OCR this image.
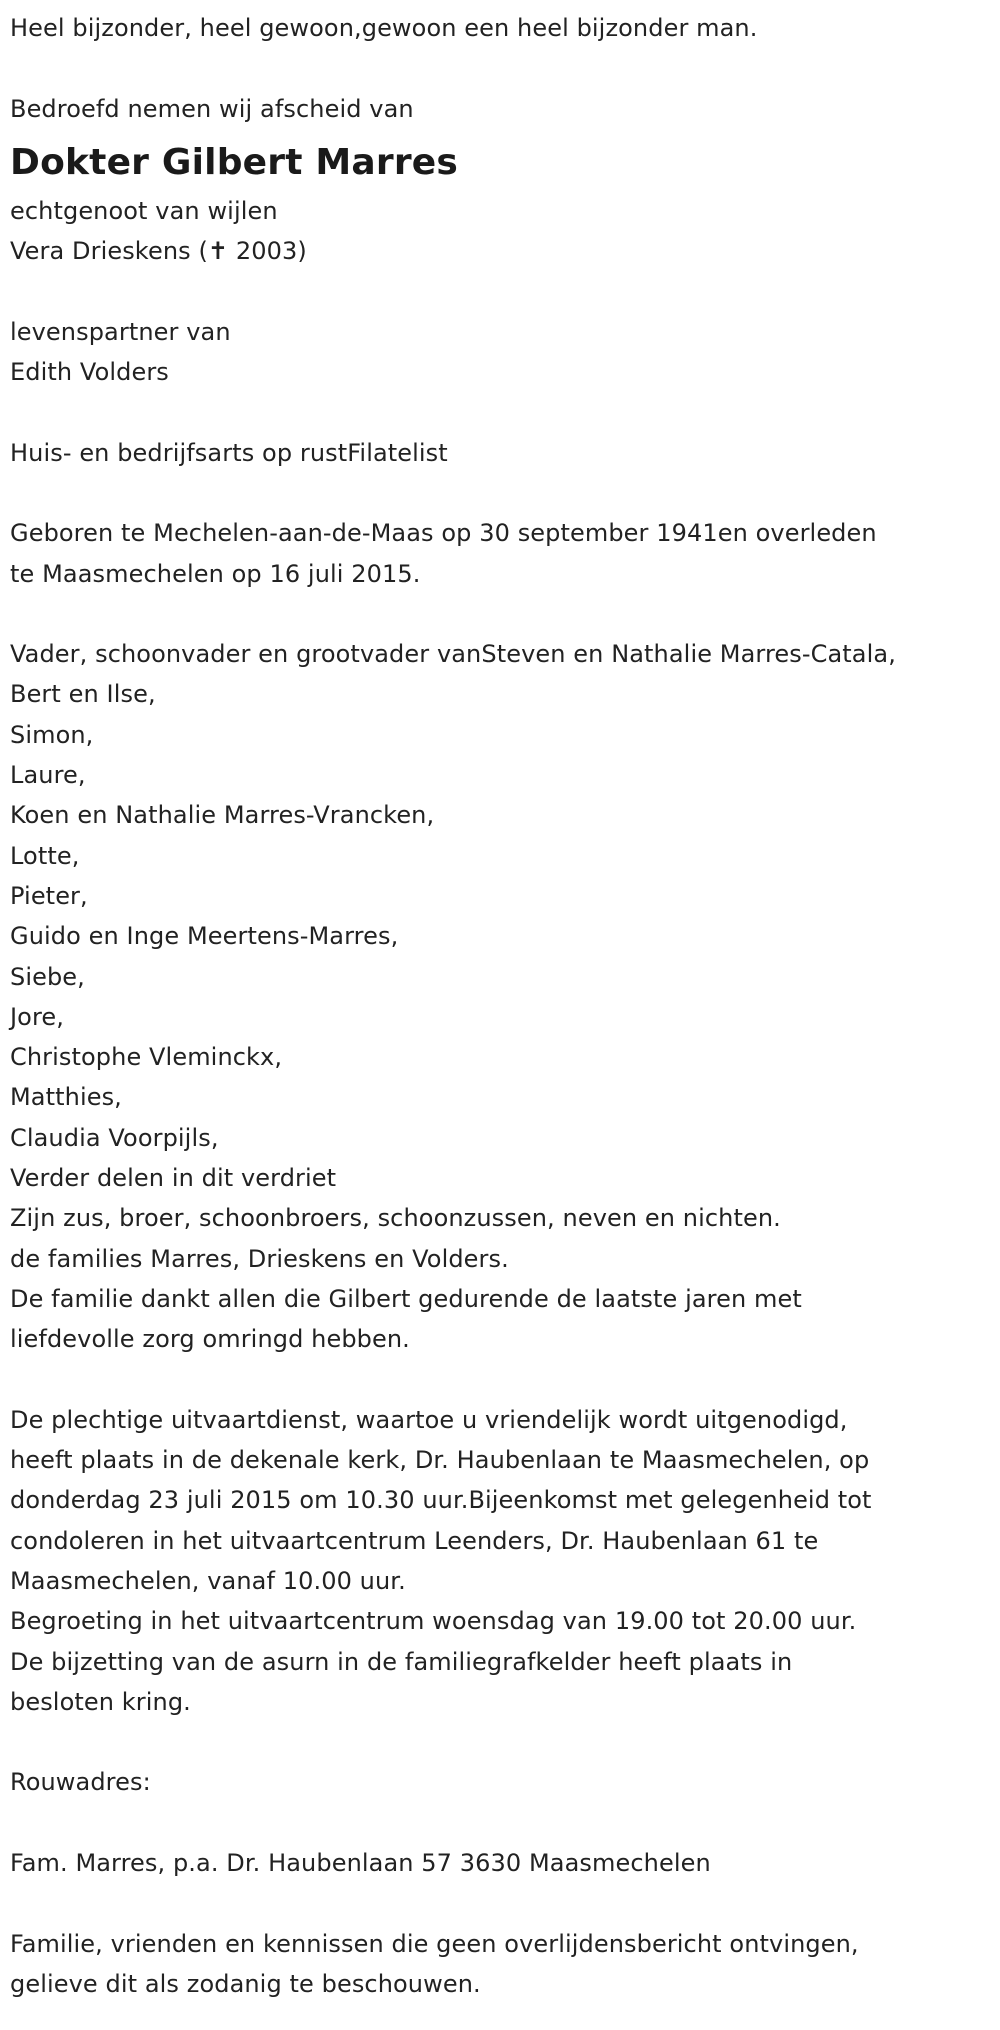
Heel bijzonder, heel gewoon,gewoon een heel bijzonder man.
Bedroefd nemen wij afscheid van
Dokter Gilbert Marres
echtgenoot van wijlen
Vera Drieskens (✝ 2003)
levenspartner van
Edith Volders
Huis- en bedrijfsarts op rustFilatelist
Geboren te Mechelen-aan-de-Maas op 30 september 1941en overleden
te Maasmechelen op 16 juli 2015.
Vader, schoonvader en grootvader vanSteven en Nathalie Marres-Catala,
Bert en Ilse,
Simon,
Laure,
Koen en Nathalie Marres-Vrancken,
Lotte,
Pieter,
Guido en Inge Meertens-Marres,
Siebe,
Jore,
Christophe Vleminckx,
Matthies,
Claudia Voorpijls,
Verder delen in dit verdriet
Zijn zus, broer, schoonbroers, schoonzussen, neven en nichten.
de families Marres, Drieskens en Volders.
De familie dankt allen die Gilbert gedurende de laatste jaren met
liefdevolle zorg omringd hebben.
De plechtige uitvaartdienst, waartoe u vriendelijk wordt uitgenodigd,
heeft plaats in de dekenale kerk, Dr. Haubenlaan te Maasmechelen, op
donderdag 23 juli 2015 om 10.30 uur.Bijeenkomst met gelegenheid tot
condoleren in het uitvaartcentrum Leenders, Dr. Haubenlaan 61 te
Maasmechelen, vanaf 10.00 uur.
Begroeting in het uitvaartcentrum woensdag van 19.00 tot 20.00 uur.
De bijzetting van de asurn in de familiegrafkelder heeft plaats in
besloten kring.
Rouwadres:
Fam. Marres, p.a. Dr. Haubenlaan 57 3630 Maasmechelen
Familie, vrienden en kennissen die geen overlijdensbericht ontvingen,
gelieve dit als zodanig te beschouwen.
